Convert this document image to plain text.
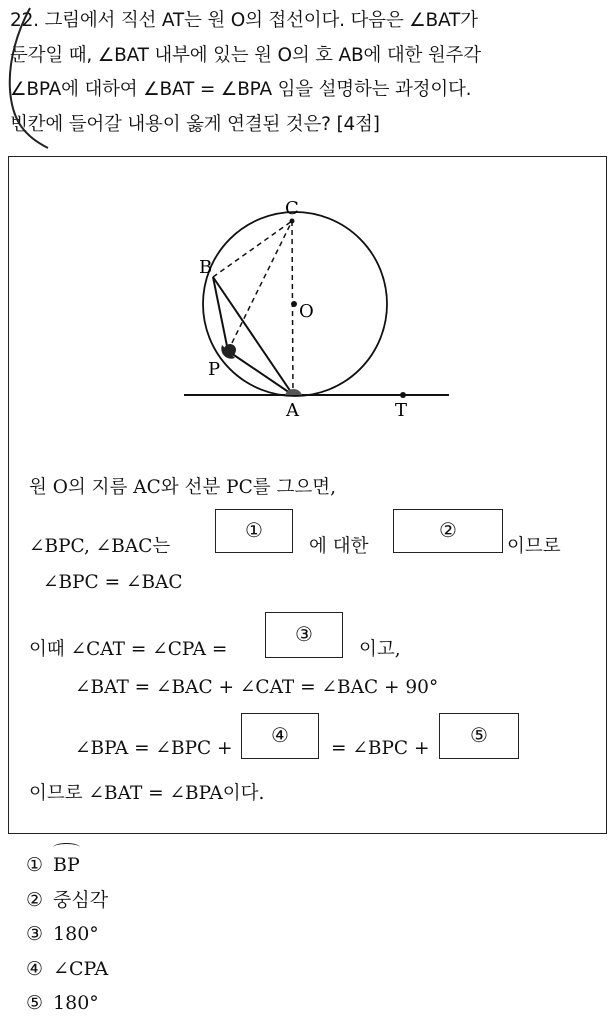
22. 그림에서 직선 AT는 원 O의 접선이다. 다음은 ∠BAT가
둔각일 때, ∠BAT 내부에 있는 원 O의 호 AB에 대한 원주각
∠BPA에 대하여 ∠BAT = ∠BPA 임을 설명하는 과정이다.
빈칸에 들어갈 내용이 옳게 연결된 것은? [4점]
C
B
O
P
A	T
원 O의 지름 AC와 선분 PC를 그으면,
∠BPC, ∠BAC는
①
에 대한
②
이므로
∠BPC = ∠BAC
이때 ∠CAT = ∠CPA =
③
이고,
∠BAT = ∠BAC + ∠CAT = ∠BAC + 90°
∠BPA = ∠BPC +
④
= ∠BPC +
⑤
이므로 ∠BAT = ∠BPA이다.
① BP
② 중심각
③ 180°
④ ∠CPA
⑤ 180°
